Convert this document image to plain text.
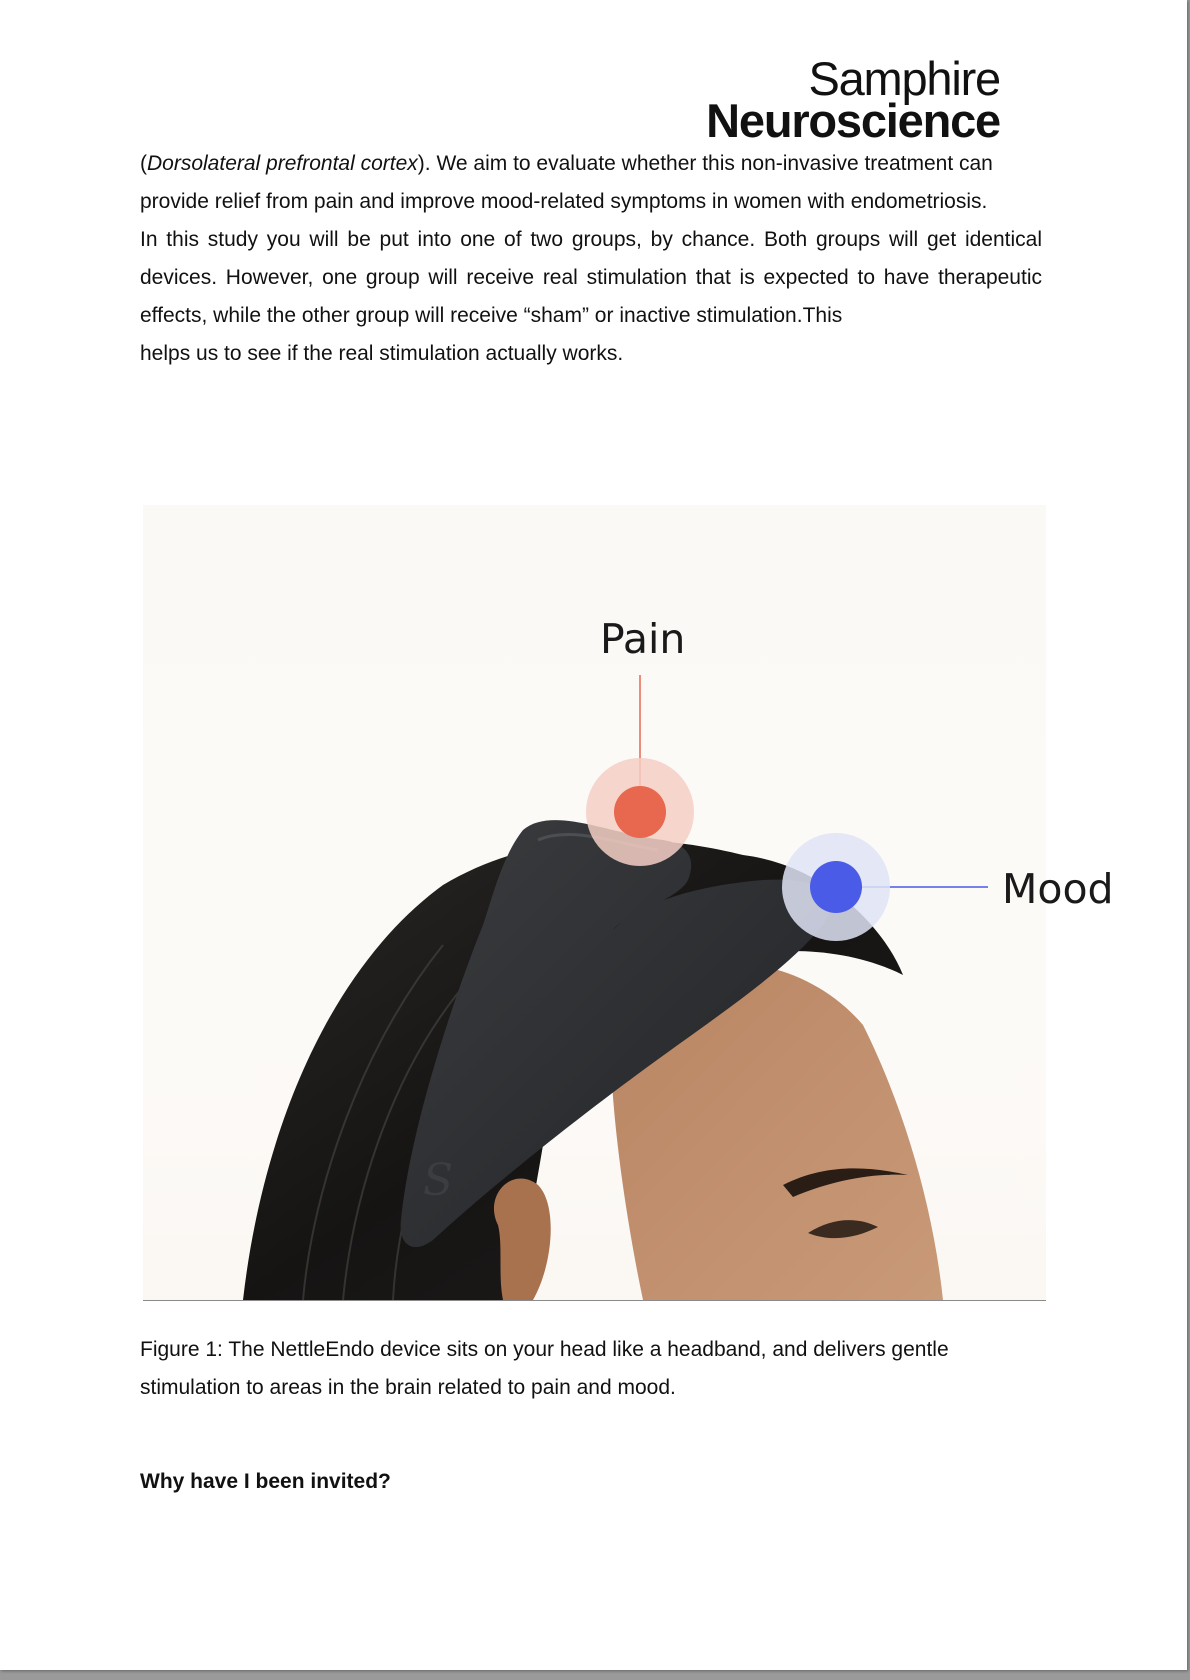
Samphire
Neuroscience
(Dorsolateral prefrontal cortex). We aim to evaluate whether this non-invasive treatment can provide relief from pain and improve mood-related symptoms in women with endometriosis.
In this study you will be put into one of two groups, by chance. Both groups will get identical devices. However, one group will receive real stimulation that is expected to have therapeutic effects, while the other group will receive “sham” or inactive stimulation.This
helps us to see if the real stimulation actually works.
S
Pain
Mood
Figure 1: The NettleEndo device sits on your head like a headband, and delivers gentle
stimulation to areas in the brain related to pain and mood.
Why have I been invited?
